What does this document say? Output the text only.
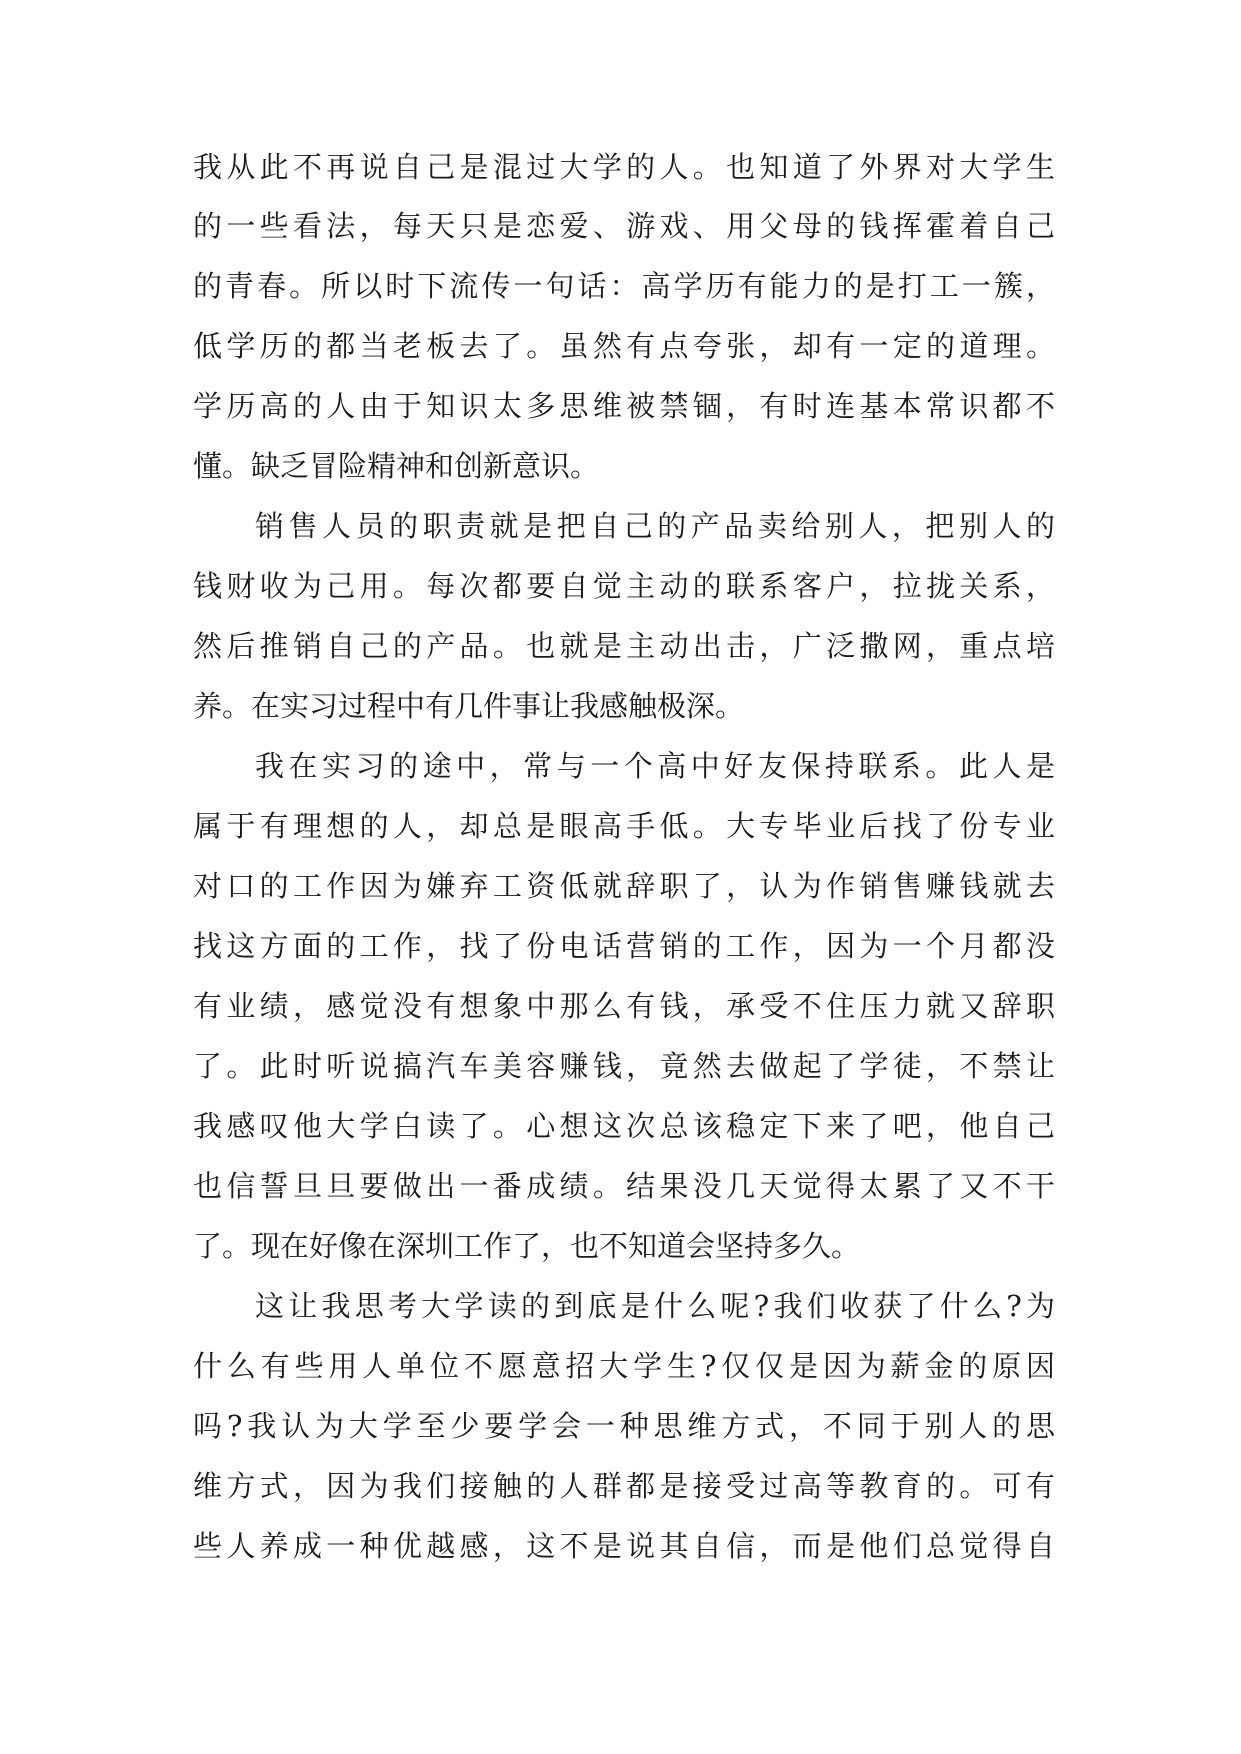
我从此不再说自己是混过大学的人。也知道了外界对大学生
的一些看法，每天只是恋爱、游戏、用父母的钱挥霍着自己
的青春。所以时下流传一句话：高学历有能力的是打工一簇，
低学历的都当老板去了。虽然有点夸张，却有一定的道理。
学历高的人由于知识太多思维被禁锢，有时连基本常识都不
懂。缺乏冒险精神和创新意识。
销售人员的职责就是把自己的产品卖给别人，把别人的
钱财收为己用。每次都要自觉主动的联系客户，拉拢关系，
然后推销自己的产品。也就是主动出击，广泛撒网，重点培
养。在实习过程中有几件事让我感触极深。
我在实习的途中，常与一个高中好友保持联系。此人是
属于有理想的人，却总是眼高手低。大专毕业后找了份专业
对口的工作因为嫌弃工资低就辞职了，认为作销售赚钱就去
找这方面的工作，找了份电话营销的工作，因为一个月都没
有业绩，感觉没有想象中那么有钱，承受不住压力就又辞职
了。此时听说搞汽车美容赚钱，竟然去做起了学徒，不禁让
我感叹他大学白读了。心想这次总该稳定下来了吧，他自己
也信誓旦旦要做出一番成绩。结果没几天觉得太累了又不干
了。现在好像在深圳工作了，也不知道会坚持多久。
这让我思考大学读的到底是什么呢?我们收获了什么?为
什么有些用人单位不愿意招大学生?仅仅是因为薪金的原因
吗?我认为大学至少要学会一种思维方式，不同于别人的思
维方式，因为我们接触的人群都是接受过高等教育的。可有
些人养成一种优越感，这不是说其自信，而是他们总觉得自
